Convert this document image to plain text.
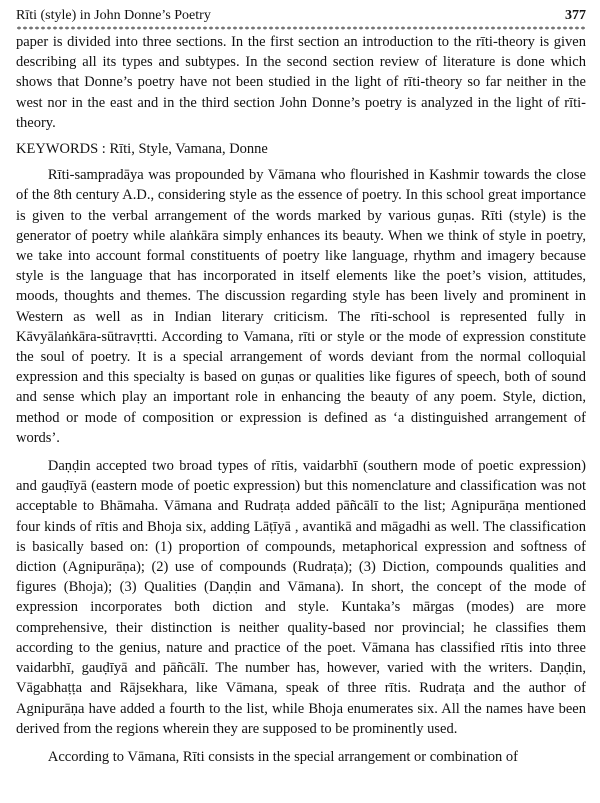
Rīti (style) in John Donne’s Poetry	377

paper is divided into three sections. In the first section an introduction to the rīti-theory is given describing all its types and subtypes. In the second section review of literature is done which shows that Donne’s poetry have not been studied in the light of rīti-theory so far neither in the west nor in the east and in the third section John Donne’s poetry is analyzed in the light of rīti-theory.

KEYWORDS : Rīti, Style, Vamana, Donne

Rīti-sampradāya was propounded by Vāmana who flourished in Kashmir towards the close of the 8th century A.D., considering style as the essence of poetry. In this school great importance is given to the verbal arrangement of the words marked by various guṇas. Rīti (style) is the generator of poetry while alaṅkāra simply enhances its beauty. When we think of style in poetry, we take into account formal constituents of poetry like language, rhythm and imagery because style is the language that has incorporated in itself elements like the poet’s vision, attitudes, moods, thoughts and themes. The discussion regarding style has been lively and prominent in Western as well as in Indian literary criticism. The rīti-school is represented fully in Kāvyālaṅkāra-sūtravṛtti. According to Vamana, rīti or style or the mode of expression constitute the soul of poetry. It is a special arrangement of words deviant from the normal colloquial expression and this specialty is based on guṇas or qualities like figures of speech, both of sound and sense which play an important role in enhancing the beauty of any poem. Style, diction, method or mode of composition or expression is defined as ‘a distinguished arrangement of words’.

Daṇḍin accepted two broad types of rītis, vaidarbhī (southern mode of poetic expression) and gauḍīyā (eastern mode of poetic expression) but this nomenclature and classification was not acceptable to Bhāmaha. Vāmana and Rudraṭa added pāñcālī to the list; Agnipurāṇa mentioned four kinds of rītis and Bhoja six, adding Lāṭīyā , avantikā and māgadhi as well. The classification is basically based on: (1) proportion of compounds, metaphorical expression and softness of diction (Agnipurāṇa); (2) use of compounds (Rudraṭa); (3) Diction, compounds qualities and figures (Bhoja); (3) Qualities (Daṇḍin and Vāmana). In short, the concept of the mode of expression incorporates both diction and style. Kuntaka’s mārgas (modes) are more comprehensive, their distinction is neither quality-based nor provincial; he classifies them according to the genius, nature and practice of the poet. Vāmana has classified rītis into three vaidarbhī, gauḍīyā and pāñcālī. The number has, however, varied with the writers. Daṇḍin, Vāgabhaṭṭa and Rājsekhara, like Vāmana, speak of three rītis. Rudraṭa and the author of Agnipurāṇa have added a fourth to the list, while Bhoja enumerates six. All the names have been derived from the regions wherein they are supposed to be prominently used.

According to Vāmana, Rīti consists in the special arrangement or combination of
